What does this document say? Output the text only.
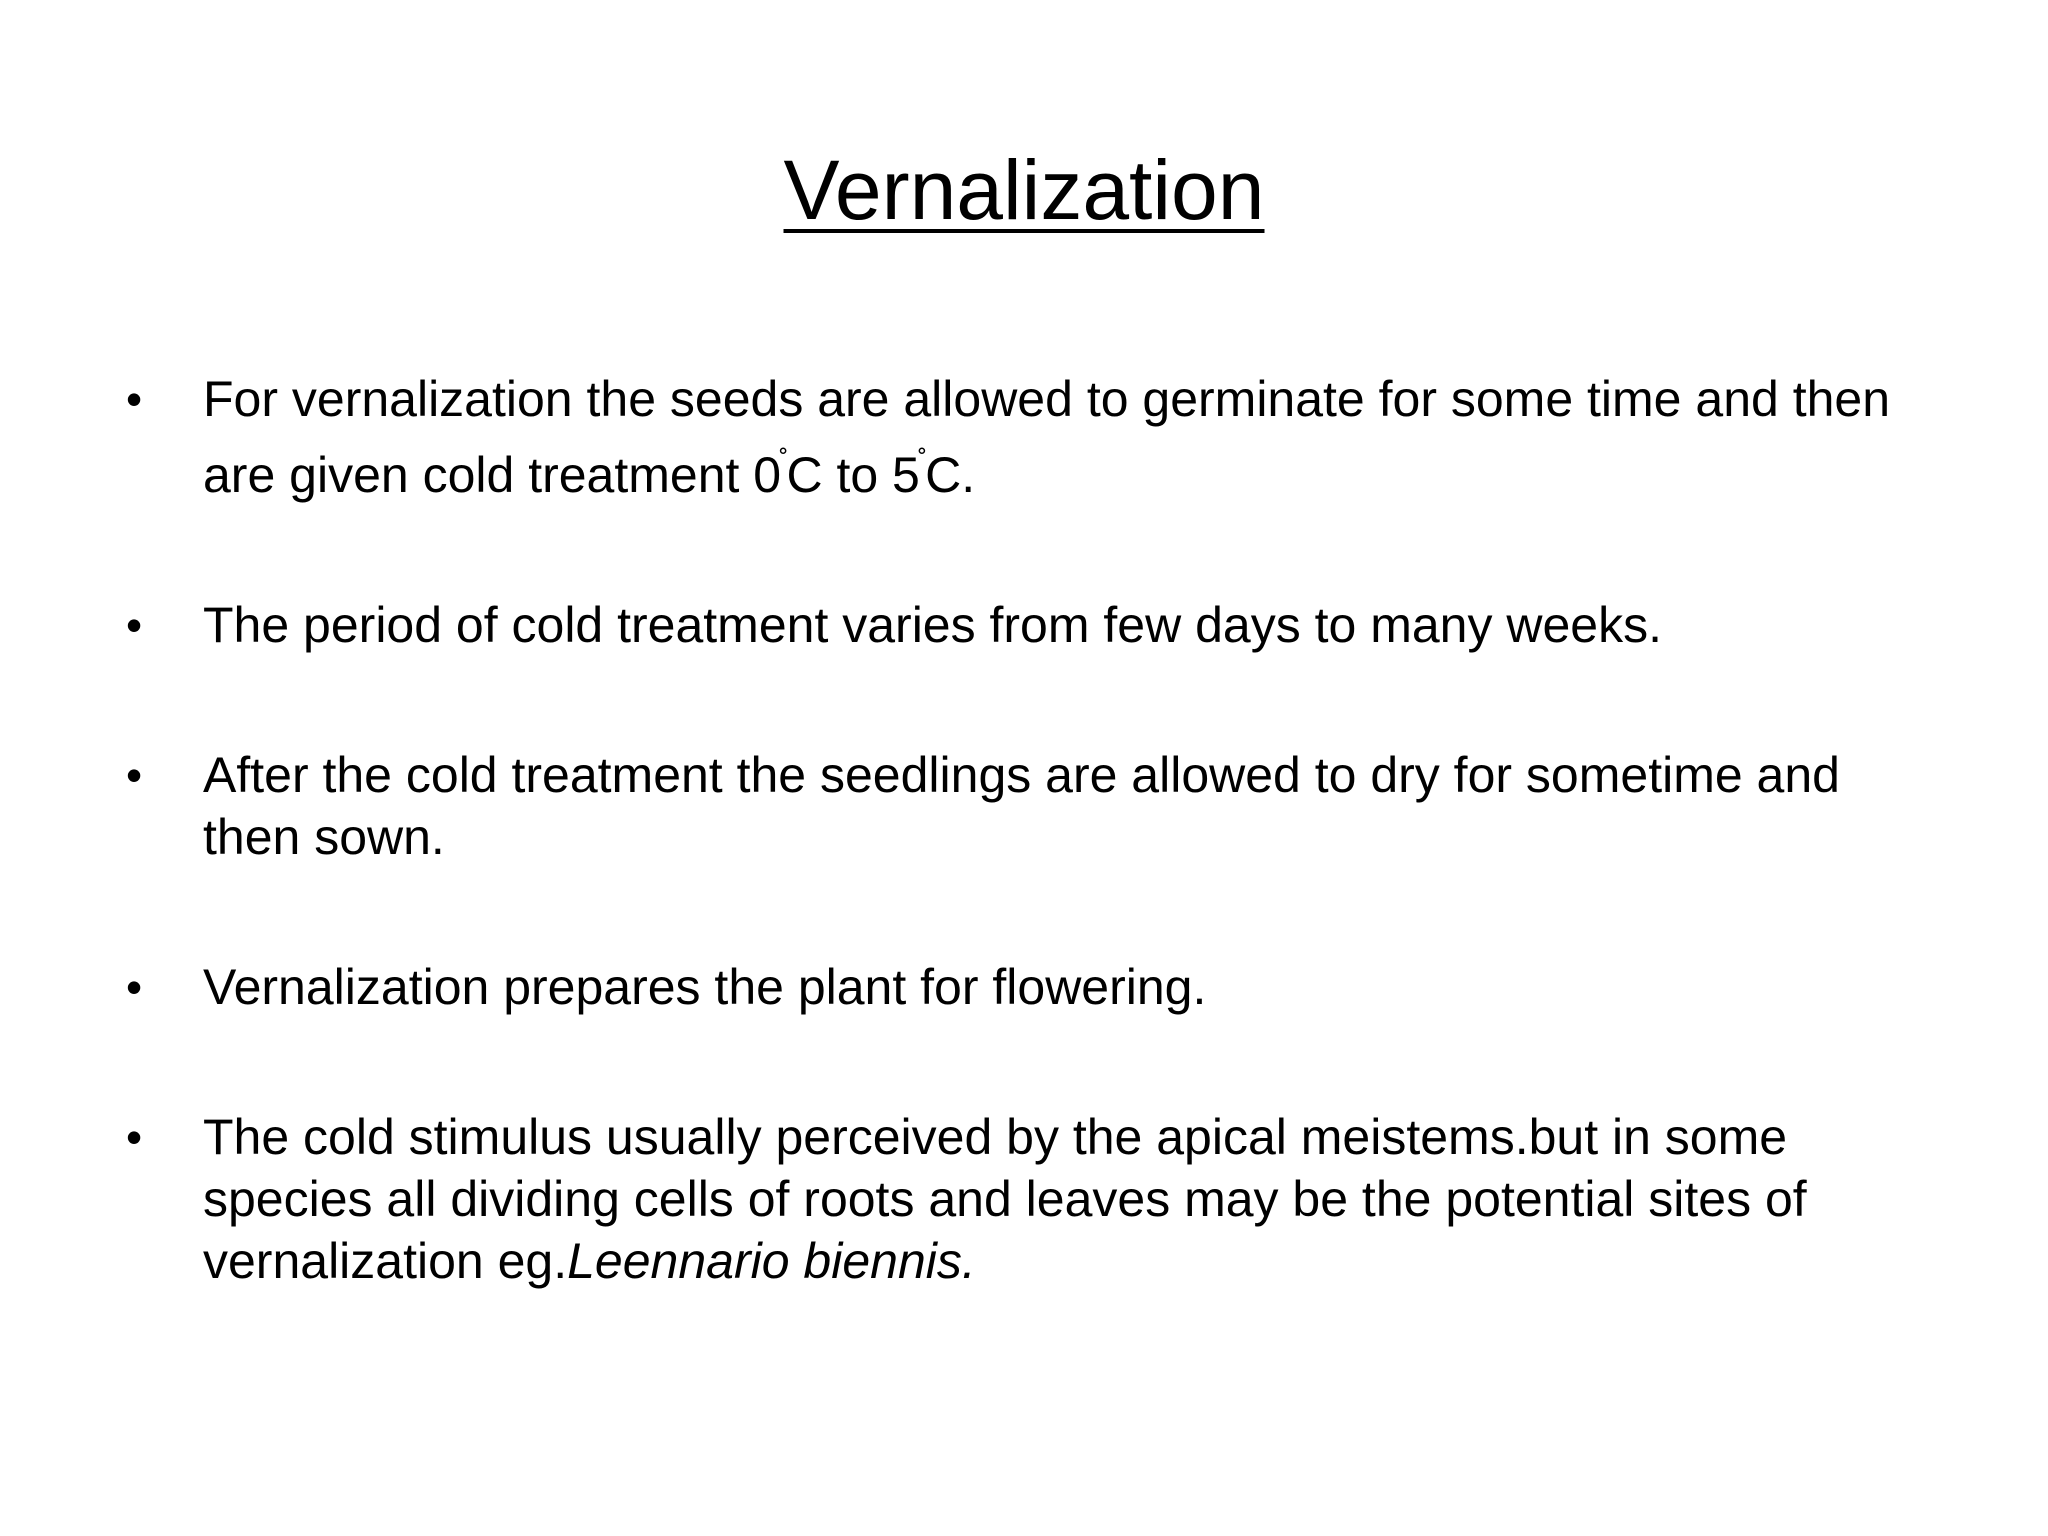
Vernalization
• For vernalization the seeds are allowed to germinate for some time and then are given cold treatment 0˚C to 5˚C.
• The period of cold treatment varies from few days to many weeks.
• After the cold treatment the seedlings are allowed to dry for sometime and then sown.
• Vernalization prepares the plant for flowering.
• The cold stimulus usually perceived by the apical meistems.but in some species all dividing cells of roots and leaves may be the potential sites of vernalization eg.Leennario biennis.
